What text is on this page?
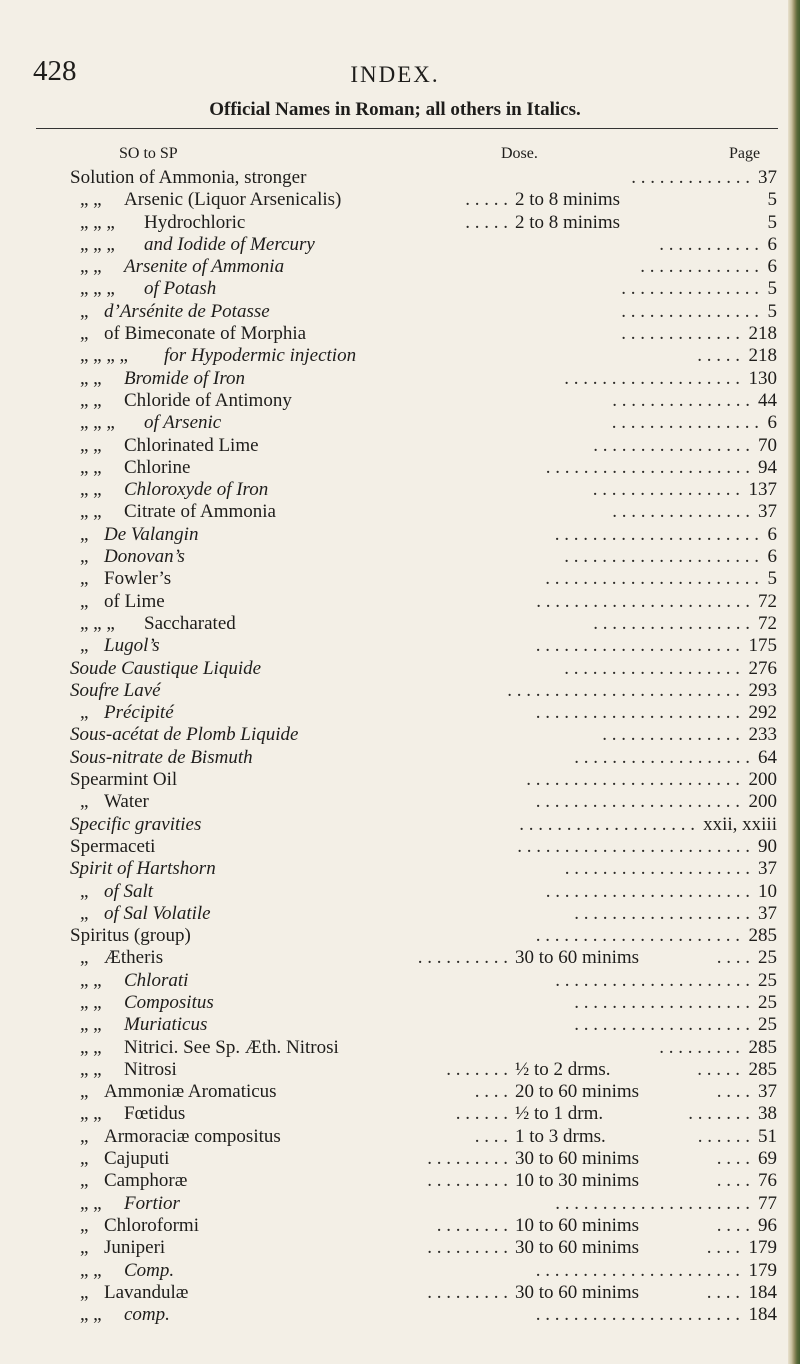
428	INDEX.
Official Names in Roman; all others in Italics.
SO to SP	Dose.	Page
Solution of Ammonia, stronger	. . . . . . . . . . . . . 37
„ „	Arsenic (Liquor Arsenicalis)	. . . . . 2 to 8 minims	5
„ „ „ Hydrochloric	. . . . . 2 to 8 minims	5
„ „ „ and Iodide of Mercury	. . . . . . . . . . . 6
„ „	Arsenite of Ammonia	. . . . . . . . . . . . . 6
„ „ „ of Potash	. . . . . . . . . . . . . . . 5
„ d’Arsénite de Potasse	. . . . . . . . . . . . . . . 5
„ of Bimeconate of Morphia	. . . . . . . . . . . . . 218
„ „ „ „ for Hypodermic injection	. . . . . 218
„ „	Bromide of Iron	. . . . . . . . . . . . . . . . . . . 130
„ „	Chloride of Antimony	. . . . . . . . . . . . . . . 44
„ „ „ of Arsenic	. . . . . . . . . . . . . . . . 6
„ „	Chlorinated Lime	. . . . . . . . . . . . . . . . . 70
„ „	Chlorine	. . . . . . . . . . . . . . . . . . . . . . 94
„ „	Chloroxyde of Iron	. . . . . . . . . . . . . . . . 137
„ „	Citrate of Ammonia	. . . . . . . . . . . . . . . 37
„ De Valangin	. . . . . . . . . . . . . . . . . . . . . . 6
„ Donovan’s	. . . . . . . . . . . . . . . . . . . . . 6
„ Fowler’s	. . . . . . . . . . . . . . . . . . . . . . . 5
„ of Lime	. . . . . . . . . . . . . . . . . . . . . . . 72
„ „ „ Saccharated	. . . . . . . . . . . . . . . . . 72
„ Lugol’s	. . . . . . . . . . . . . . . . . . . . . . 175
Soude Caustique Liquide	. . . . . . . . . . . . . . . . . . . 276
Soufre Lavé	. . . . . . . . . . . . . . . . . . . . . . . . . 293
„ Précipité	. . . . . . . . . . . . . . . . . . . . . . 292
Sous-acétat de Plomb Liquide	. . . . . . . . . . . . . . . 233
Sous-nitrate de Bismuth	. . . . . . . . . . . . . . . . . . . 64
Spearmint Oil	. . . . . . . . . . . . . . . . . . . . . . . 200
„ Water	. . . . . . . . . . . . . . . . . . . . . . 200
Specific gravities	. . . . . . . . . . . . . . . . . . . xxii, xxiii
Spermaceti	. . . . . . . . . . . . . . . . . . . . . . . . . 90
Spirit of Hartshorn	. . . . . . . . . . . . . . . . . . . . 37
„ of Salt	. . . . . . . . . . . . . . . . . . . . . . 10
„ of Sal Volatile	. . . . . . . . . . . . . . . . . . . 37
Spiritus (group)	. . . . . . . . . . . . . . . . . . . . . . 285
„ Ætheris	. . . . . . . . . . 30 to 60 minims	. . . . 25
„ „	Chlorati	. . . . . . . . . . . . . . . . . . . . . 25
„ „	Compositus	. . . . . . . . . . . . . . . . . . . 25
„ „	Muriaticus	. . . . . . . . . . . . . . . . . . . 25
„ „	Nitrici. See Sp. Æth. Nitrosi	. . . . . . . . . 285
„ „	Nitrosi	. . . . . . . ½ to 2 drms.	. . . . . 285
„ Ammoniæ Aromaticus	. . . . 20 to 60 minims	. . . . 37
„ „	Fœtidus	. . . . . . ½ to 1 drm.	. . . . . . . 38
„ Armoraciæ compositus	. . . . 1 to 3 drms.	. . . . . . 51
„ Cajuputi	. . . . . . . . . 30 to 60 minims	. . . . 69
„ Camphoræ	. . . . . . . . . 10 to 30 minims	. . . . 76
„ „	Fortior	. . . . . . . . . . . . . . . . . . . . . 77
„ Chloroformi	. . . . . . . . 10 to 60 minims	. . . . 96
„ Juniperi	. . . . . . . . . 30 to 60 minims	. . . . 179
„ „	Comp.	. . . . . . . . . . . . . . . . . . . . . . 179
„ Lavandulæ	. . . . . . . . . 30 to 60 minims	. . . . 184
„ „	comp.	. . . . . . . . . . . . . . . . . . . . . . 184
